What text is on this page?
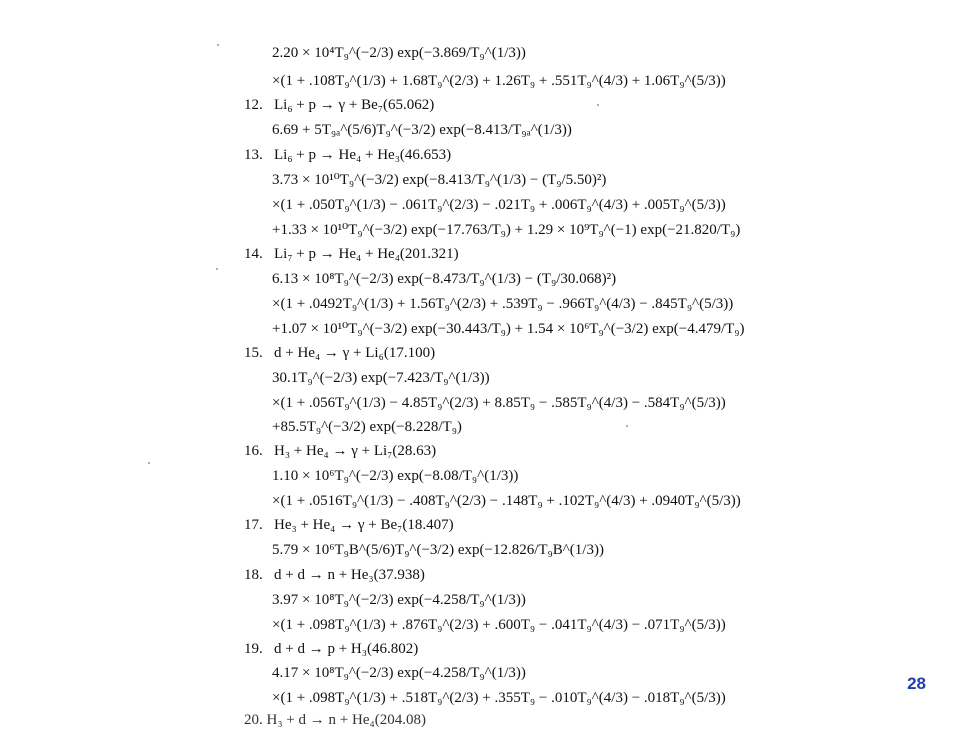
2.20 × 10⁴T₉^(−2/3) exp(−3.869/T₉^(1/3))
×(1 + .108T₉^(1/3) + 1.68T₉^(2/3) + 1.26T₉ + .551T₉^(4/3) + 1.06T₉^(5/3))
12. Li₆ + p → γ + Be₇(65.062)
6.69 + 5T₉ₐ^(5/6)T₉^(−3/2) exp(−8.413/T₉ₐ^(1/3))
13. Li₆ + p → He₄ + He₃(46.653)
3.73 × 10¹⁰T₉^(−3/2) exp(−8.413/T₉^(1/3) − (T₉/5.50)²)
×(1 + .050T₉^(1/3) − .061T₉^(2/3) − .021T₉ + .006T₉^(4/3) + .005T₉^(5/3))
+1.33 × 10¹⁰T₉^(−3/2) exp(−17.763/T₉) + 1.29 × 10⁹T₉^(−1) exp(−21.820/T₉)
14. Li₇ + p → He₄ + He₄(201.321)
6.13 × 10⁸T₉^(−2/3) exp(−8.473/T₉^(1/3) − (T₉/30.068)²)
×(1 + .0492T₉^(1/3) + 1.56T₉^(2/3) + .539T₉ − .966T₉^(4/3) − .845T₉^(5/3))
+1.07 × 10¹⁰T₉^(−3/2) exp(−30.443/T₉) + 1.54 × 10⁶T₉^(−3/2) exp(−4.479/T₉)
15. d + He₄ → γ + Li₆(17.100)
30.1T₉^(−2/3) exp(−7.423/T₉^(1/3))
×(1 + .056T₉^(1/3) − 4.85T₉^(2/3) + 8.85T₉ − .585T₉^(4/3) − .584T₉^(5/3))
+85.5T₉^(−3/2) exp(−8.228/T₉)
16. H₃ + He₄ → γ + Li₇(28.63)
1.10 × 10⁶T₉^(−2/3) exp(−8.08/T₉^(1/3))
×(1 + .0516T₉^(1/3) − .408T₉^(2/3) − .148T₉ + .102T₉^(4/3) + .0940T₉^(5/3))
17. He₃ + He₄ → γ + Be₇(18.407)
5.79 × 10⁶T₉B^(5/6)T₉^(−3/2) exp(−12.826/T₉B^(1/3))
18. d + d → n + He₃(37.938)
3.97 × 10⁸T₉^(−2/3) exp(−4.258/T₉^(1/3))
×(1 + .098T₉^(1/3) + .876T₉^(2/3) + .600T₉ − .041T₉^(4/3) − .071T₉^(5/3))
19. d + d → p + H₃(46.802)
4.17 × 10⁸T₉^(−2/3) exp(−4.258/T₉^(1/3))
×(1 + .098T₉^(1/3) + .518T₉^(2/3) + .355T₉ − .010T₉^(4/3) − .018T₉^(5/3))
20. H₃ + d → n + He₄(204.08)
28
